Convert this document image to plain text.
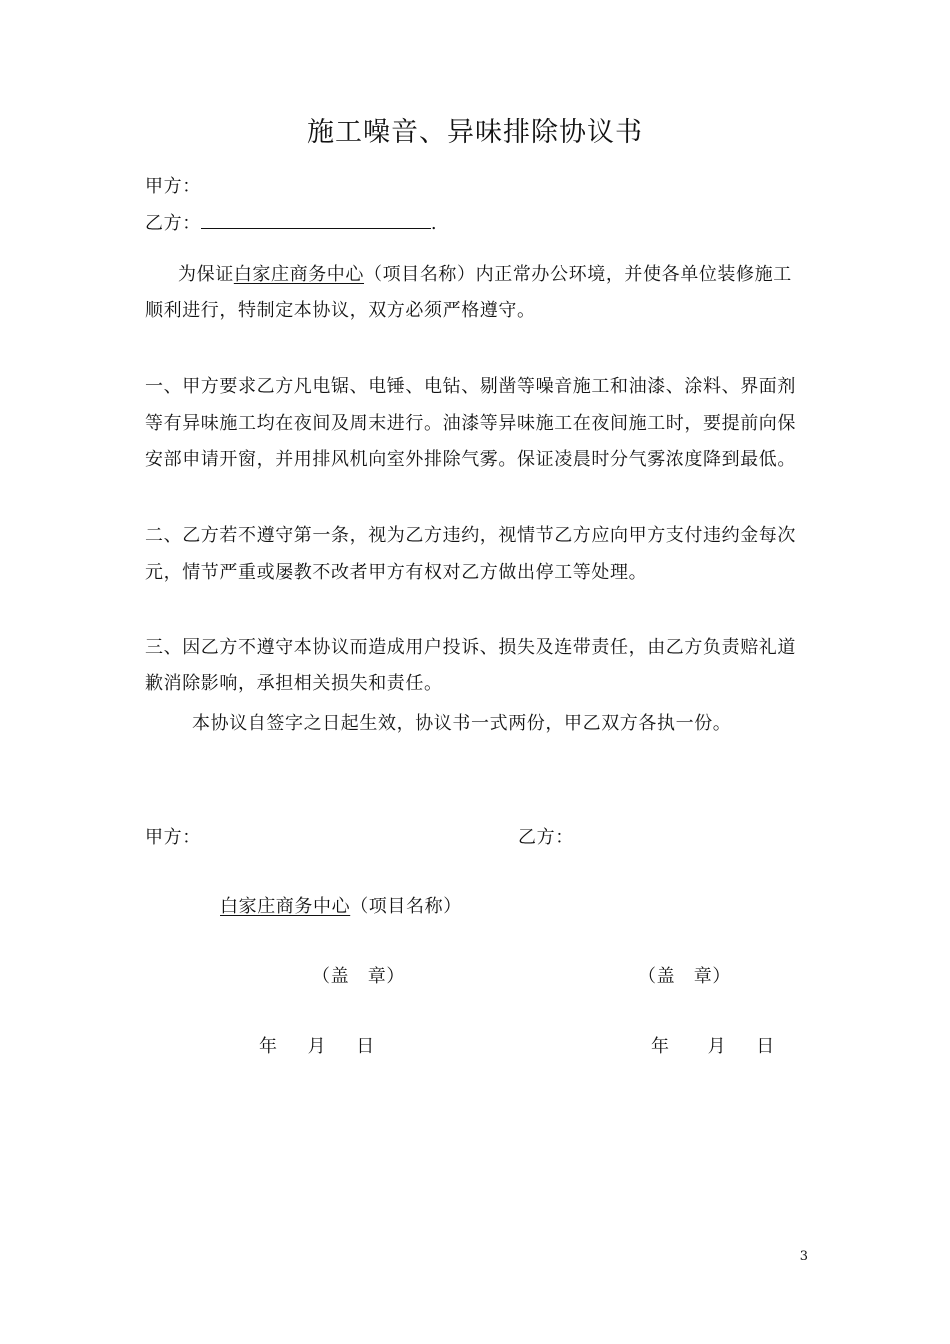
施工噪音、异味排除协议书
甲方：
乙方：	.
为保证白家庄商务中心（项目名称）内正常办公环境，并使各单位装修施工
顺利进行，特制定本协议，双方必须严格遵守。
一、甲方要求乙方凡电锯、电锤、电钻、剔凿等噪音施工和油漆、涂料、界面剂
等有异味施工均在夜间及周末进行。油漆等异味施工在夜间施工时，要提前向保
安部申请开窗，并用排风机向室外排除气雾。保证凌晨时分气雾浓度降到最低。
二、乙方若不遵守第一条，视为乙方违约，视情节乙方应向甲方支付违约金每次
元，情节严重或屡教不改者甲方有权对乙方做出停工等处理。
三、因乙方不遵守本协议而造成用户投诉、损失及连带责任，由乙方负责赔礼道
歉消除影响，承担相关损失和责任。
本协议自签字之日起生效，协议书一式两份，甲乙双方各执一份。
甲方：	乙方：
白家庄商务中心（项目名称）
（盖　章）	（盖　章）
年 月 日	年 月 日
3
